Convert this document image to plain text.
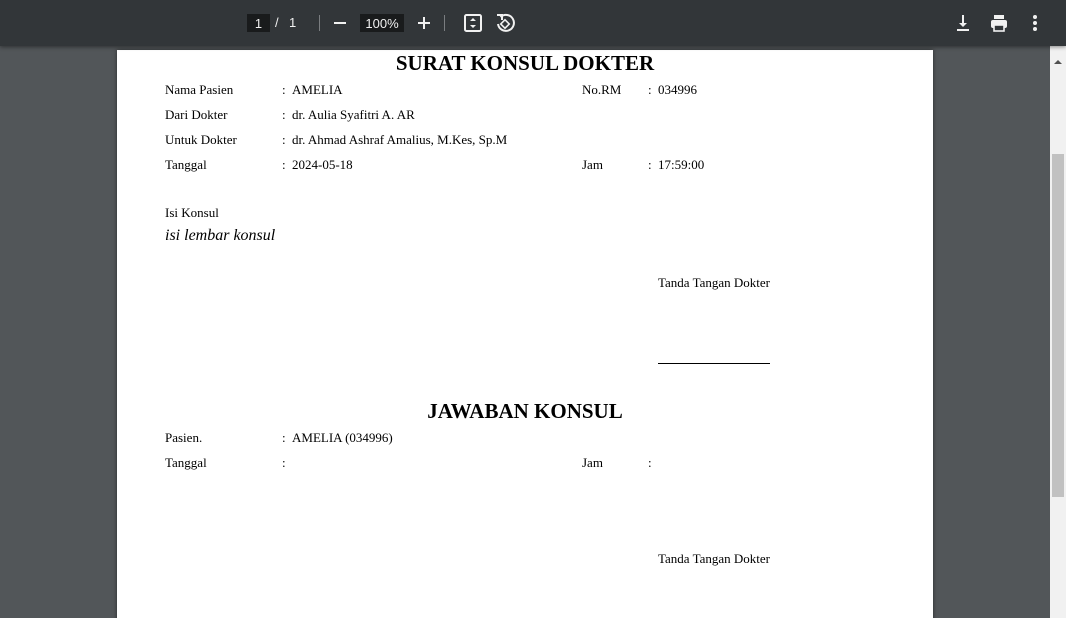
1 / 1	100%
SURAT KONSUL DOKTER
Nama Pasien	: AMELIA	No.RM : 034996
Dari Dokter	: dr. Aulia Syafitri A. AR
Untuk Dokter	: dr. Ahmad Ashraf Amalius, M.Kes, Sp.M
Tanggal	: 2024-05-18	Jam	: 17:59:00
Isi Konsul
isi lembar konsul
Tanda Tangan Dokter
JAWABAN KONSUL
Pasien.	: AMELIA (034996)
Tanggal	:	Jam	:
Tanda Tangan Dokter
